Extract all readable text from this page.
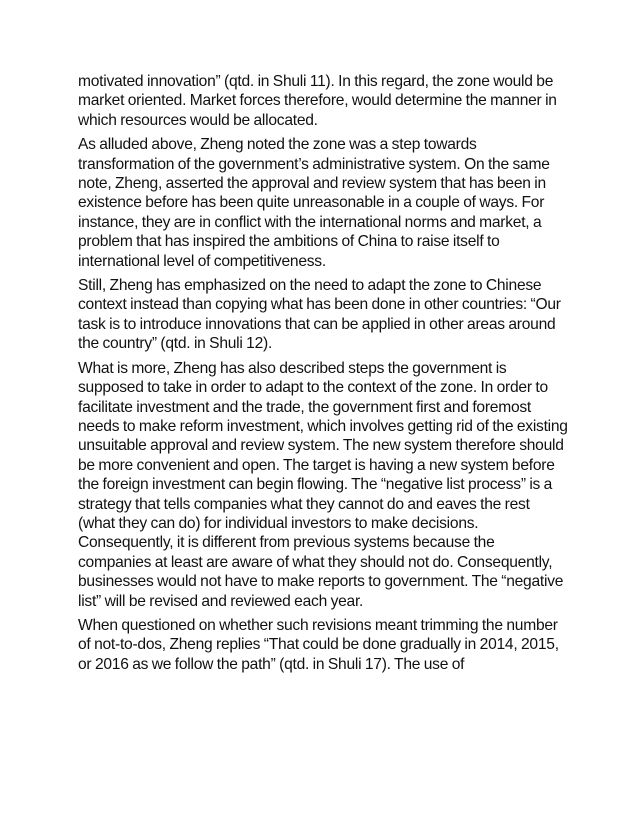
motivated innovation” (qtd. in Shuli 11). In this regard, the zone would be market oriented. Market forces therefore, would determine the manner in which resources would be allocated.

As alluded above, Zheng noted the zone was a step towards transformation of the government’s administrative system. On the same note, Zheng, asserted the approval and review system that has been in existence before has been quite unreasonable in a couple of ways. For instance, they are in conflict with the international norms and market, a problem that has inspired the ambitions of China to raise itself to international level of competitiveness.

Still, Zheng has emphasized on the need to adapt the zone to Chinese context instead than copying what has been done in other countries: “Our task is to introduce innovations that can be applied in other areas around the country” (qtd. in Shuli 12).

What is more, Zheng has also described steps the government is supposed to take in order to adapt to the context of the zone. In order to facilitate investment and the trade, the government first and foremost needs to make reform investment, which involves getting rid of the existing unsuitable approval and review system. The new system therefore should be more convenient and open. The target is having a new system before the foreign investment can begin flowing. The “negative list process” is a strategy that tells companies what they cannot do and eaves the rest (what they can do) for individual investors to make decisions. Consequently, it is different from previous systems because the companies at least are aware of what they should not do. Consequently, businesses would not have to make reports to government. The “negative list” will be revised and reviewed each year.

When questioned on whether such revisions meant trimming the number of not-to-dos, Zheng replies “That could be done gradually in 2014, 2015, or 2016 as we follow the path” (qtd. in Shuli 17). The use of
